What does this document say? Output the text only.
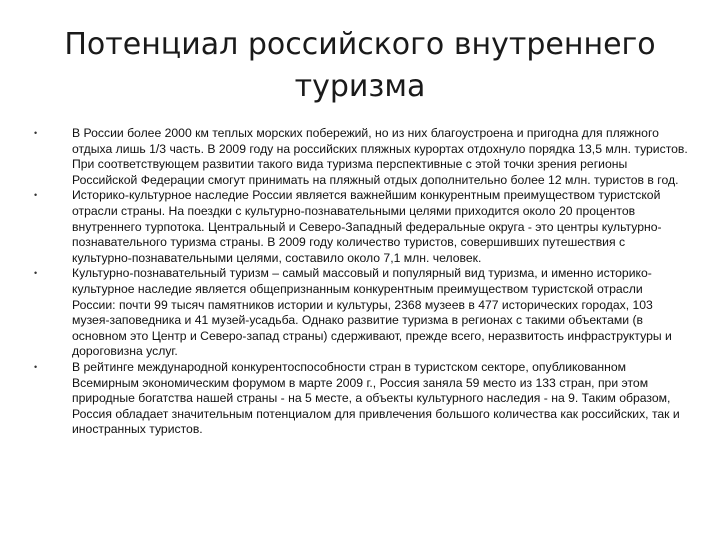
Потенциал российского внутреннего
туризма
•	В России более 2000 км теплых морских побережий, но из них благоустроена и пригодна для пляжного отдыха лишь 1/3 часть. В 2009 году на российских пляжных курортах отдохнуло порядка 13,5 млн. туристов. При соответствующем развитии такого вида туризма перспективные с этой точки зрения регионы Российской Федерации смогут принимать на пляжный отдых дополнительно более 12 млн. туристов в год.
•	Историко-культурное наследие России является важнейшим конкурентным преимуществом туристской отрасли страны. На поездки с культурно-познавательными целями приходится около 20 процентов внутреннего турпотока. Центральный и Северо-Западный федеральные округа - это центры культурно-познавательного туризма страны. В 2009 году количество туристов, совершивших путешествия с культурно-познавательными целями, составило около 7,1 млн. человек.
•	Культурно-познавательный туризм – самый массовый и популярный вид туризма, и именно историко-культурное наследие является общепризнанным конкурентным преимуществом туристской отрасли России: почти 99 тысяч памятников истории и культуры, 2368 музеев в 477 исторических городах, 103 музея-заповедника и 41 музей-усадьба. Однако развитие туризма в регионах с такими объектами (в основном это Центр и Северо-запад страны) сдерживают, прежде всего, неразвитость инфраструктуры и дороговизна услуг.
•	В рейтинге международной конкурентоспособности стран в туристском секторе, опубликованном Всемирным экономическим форумом в марте 2009 г., Россия заняла 59 место из 133 стран, при этом природные богатства нашей страны - на 5 месте, а объекты культурного наследия - на 9. Таким образом, Россия обладает значительным потенциалом для привлечения большого количества как российских, так и иностранных туристов.
